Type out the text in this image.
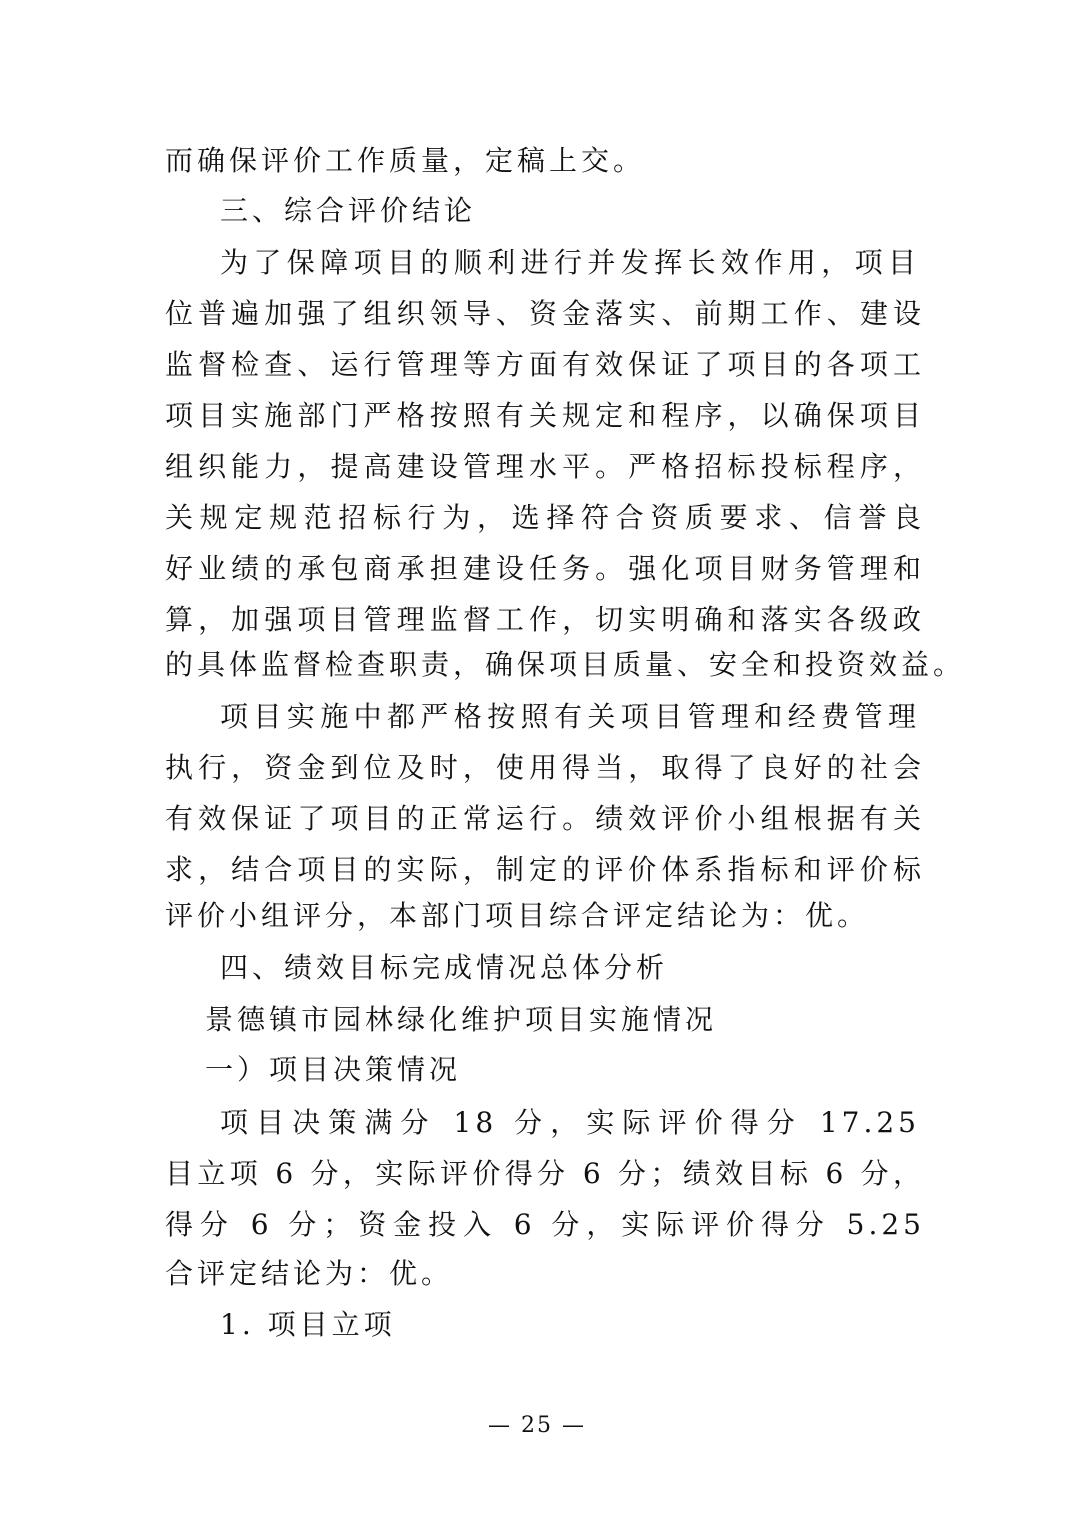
而确保评价工作质量，定稿上交。
三、综合评价结论
为了保障项目的顺利进行并发挥长效作用，项目
位普遍加强了组织领导、资金落实、前期工作、建设
监督检查、运行管理等方面有效保证了项目的各项工
项目实施部门严格按照有关规定和程序，以确保项目
组织能力，提高建设管理水平。严格招标投标程序，
关规定规范招标行为，选择符合资质要求、信誉良
好业绩的承包商承担建设任务。强化项目财务管理和
算，加强项目管理监督工作，切实明确和落实各级政
的具体监督检查职责，确保项目质量、安全和投资效益。
项目实施中都严格按照有关项目管理和经费管理
执行，资金到位及时，使用得当，取得了良好的社会
有效保证了项目的正常运行。绩效评价小组根据有关
求，结合项目的实际，制定的评价体系指标和评价标
评价小组评分，本部门项目综合评定结论为：优。
四、绩效目标完成情况总体分析
景德镇市园林绿化维护项目实施情况
一）项目决策情况
项目决策满分 18 分，实际评价得分 17.25
目立项 6 分，实际评价得分 6 分；绩效目标 6 分，
得分 6 分；资金投入 6 分，实际评价得分 5.25
合评定结论为：优。
1. 项目立项
— 25 —
